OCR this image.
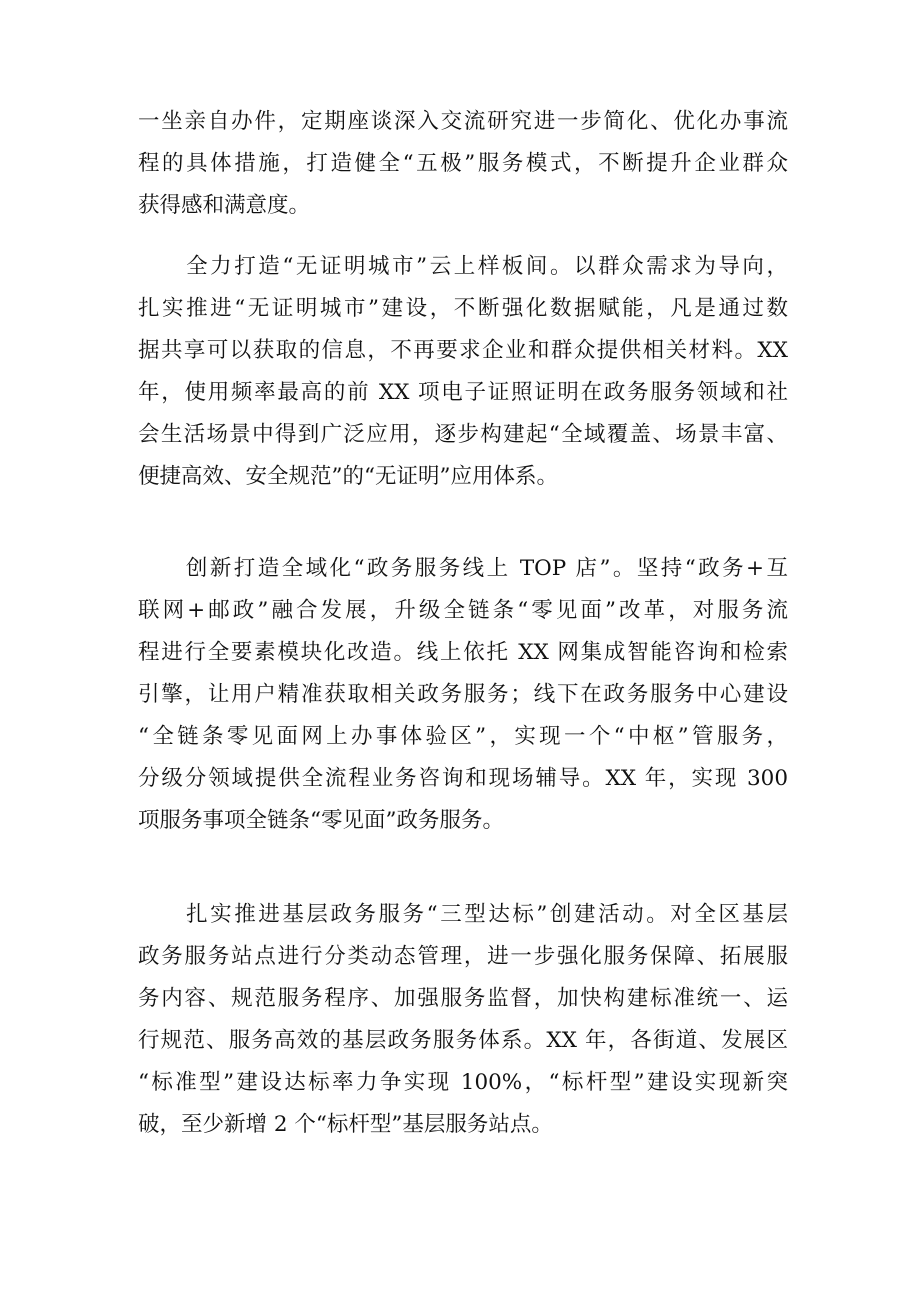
一坐亲自办件，定期座谈深入交流研究进一步简化、优化办事流
程的具体措施，打造健全“五极”服务模式，不断提升企业群众
获得感和满意度。
　　全力打造“无证明城市”云上样板间。以群众需求为导向，
扎实推进“无证明城市”建设，不断强化数据赋能，凡是通过数
据共享可以获取的信息，不再要求企业和群众提供相关材料。XX
年，使用频率最高的前 XX 项电子证照证明在政务服务领域和社
会生活场景中得到广泛应用，逐步构建起“全域覆盖、场景丰富、
便捷高效、安全规范”的“无证明”应用体系。
　　创新打造全域化“政务服务线上 TOP 店”。坚持“政务+互
联网+邮政”融合发展，升级全链条“零见面”改革，对服务流
程进行全要素模块化改造。线上依托 XX 网集成智能咨询和检索
引擎，让用户精准获取相关政务服务；线下在政务服务中心建设
“全链条零见面网上办事体验区”，实现一个“中枢”管服务，
分级分领域提供全流程业务咨询和现场辅导。XX 年，实现 300
项服务事项全链条“零见面”政务服务。
　　扎实推进基层政务服务“三型达标”创建活动。对全区基层
政务服务站点进行分类动态管理，进一步强化服务保障、拓展服
务内容、规范服务程序、加强服务监督，加快构建标准统一、运
行规范、服务高效的基层政务服务体系。XX 年，各街道、发展区
“标准型”建设达标率力争实现 100%，“标杆型”建设实现新突
破，至少新增 2 个“标杆型”基层服务站点。
